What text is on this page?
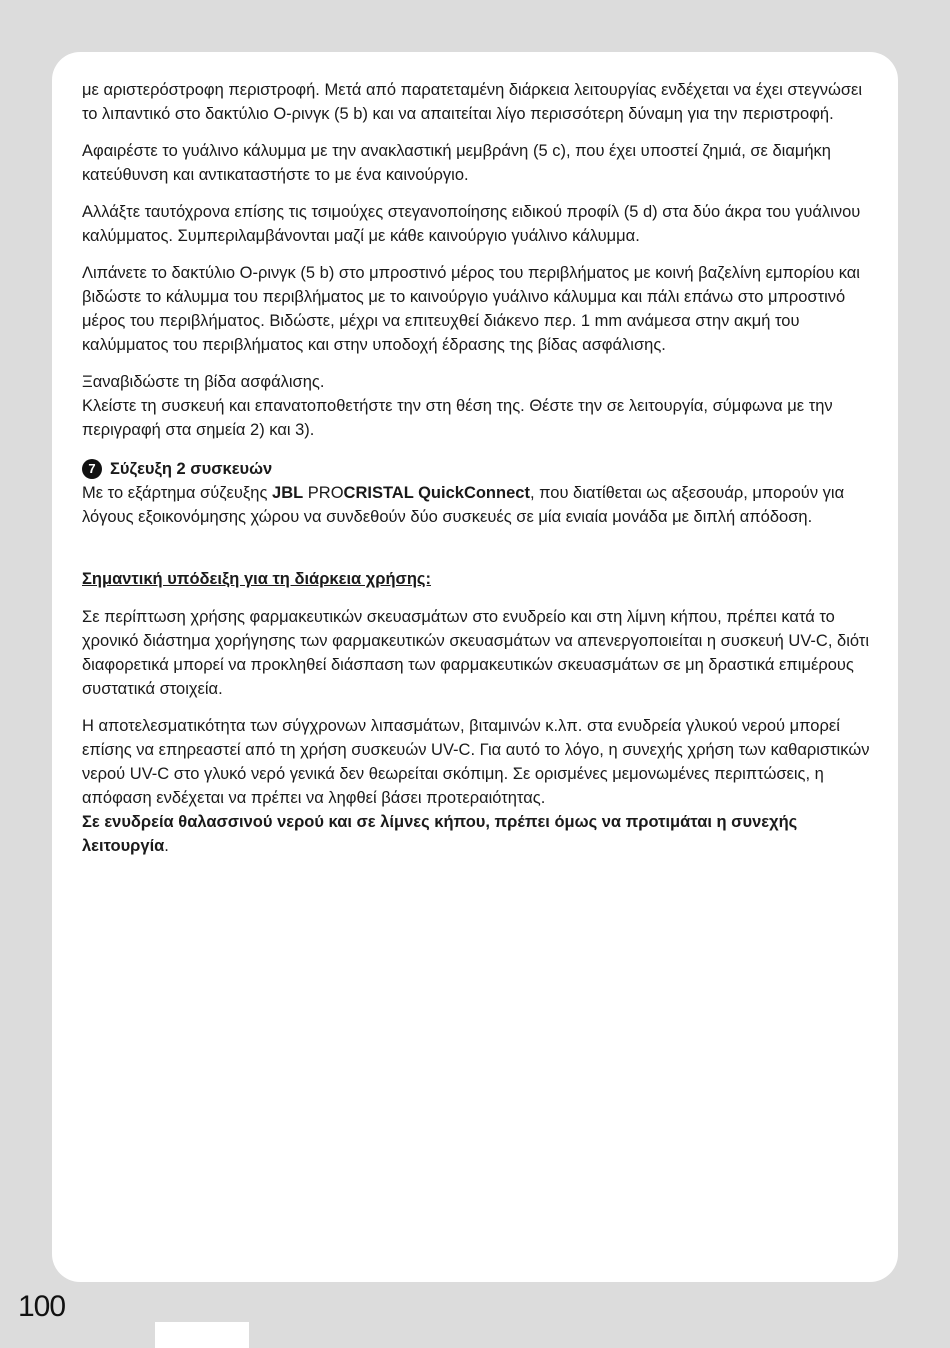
με αριστερόστροφη περιστροφή. Μετά από παρατεταμένη διάρκεια λειτουργίας ενδέχεται να έχει στεγνώσει το λιπαντικό στο δακτύλιο O-ρινγκ (5 b) και να απαιτείται λίγο περισσότερη δύναμη για την περιστροφή.

Αφαιρέστε το γυάλινο κάλυμμα με την ανακλαστική μεμβράνη (5 c), που έχει υποστεί ζημιά, σε διαμήκη κατεύθυνση και αντικαταστήστε το με ένα καινούργιο.

Αλλάξτε ταυτόχρονα επίσης τις τσιμούχες στεγανοποίησης ειδικού προφίλ (5 d) στα δύο άκρα του γυάλινου καλύμματος. Συμπεριλαμβάνονται μαζί με κάθε καινούργιο γυάλινο κάλυμμα.

Λιπάνετε το δακτύλιο O-ρινγκ (5 b) στο μπροστινό μέρος του περιβλήματος με κοινή βαζελίνη εμπορίου και βιδώστε το κάλυμμα του περιβλήματος με το καινούργιο γυάλινο κάλυμμα και πάλι επάνω στο μπροστινό μέρος του περιβλήματος. Βιδώστε, μέχρι να επιτευχθεί διάκενο περ. 1 mm ανάμεσα στην ακμή του καλύμματος του περιβλήματος και στην υποδοχή έδρασης της βίδας ασφάλισης.

Ξαναβιδώστε τη βίδα ασφάλισης.
Κλείστε τη συσκευή και επανατοποθετήστε την στη θέση της. Θέστε την σε λειτουργία, σύμφωνα με την περιγραφή στα σημεία 2) και 3).

7 Σύζευξη 2 συσκευών
Με το εξάρτημα σύζευξης JBL PROCRISTAL QuickConnect, που διατίθεται ως αξεσουάρ, μπορούν για λόγους εξοικονόμησης χώρου να συνδεθούν δύο συσκευές σε μία ενιαία μονάδα με διπλή απόδοση.
Σημαντική υπόδειξη για τη διάρκεια χρήσης:

Σε περίπτωση χρήσης φαρμακευτικών σκευασμάτων στο ενυδρείο και στη λίμνη κήπου, πρέπει κατά το χρονικό διάστημα χορήγησης των φαρμακευτικών σκευασμάτων να απενεργοποιείται η συσκευή UV-C, διότι διαφορετικά μπορεί να προκληθεί διάσπαση των φαρμακευτικών σκευασμάτων σε μη δραστικά επιμέρους συστατικά στοιχεία.

Η αποτελεσματικότητα των σύγχρονων λιπασμάτων, βιταμινών κ.λπ. στα ενυδρεία γλυκού νερού μπορεί επίσης να επηρεαστεί από τη χρήση συσκευών UV-C. Για αυτό το λόγο, η συνεχής χρήση των καθαριστικών νερού UV-C στο γλυκό νερό γενικά δεν θεωρείται σκόπιμη. Σε ορισμένες μεμονωμένες περιπτώσεις, η απόφαση ενδέχεται να πρέπει να ληφθεί βάσει προτεραιότητας.
Σε ενυδρεία θαλασσινού νερού και σε λίμνες κήπου, πρέπει όμως να προτιμάται η συνεχής λειτουργία.

100
